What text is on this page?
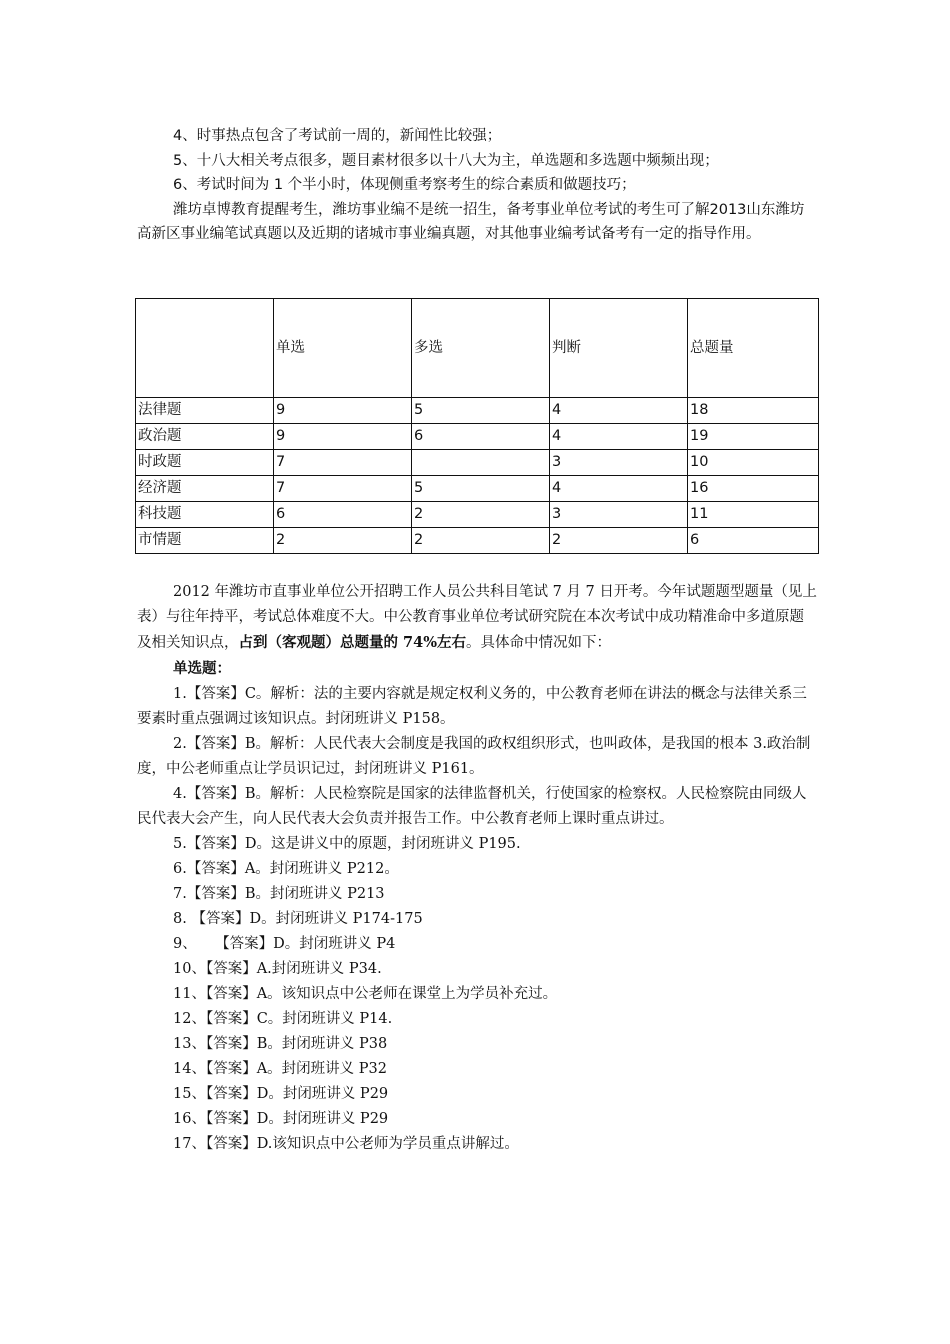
4、时事热点包含了考试前一周的，新闻性比较强；

5、十八大相关考点很多，题目素材很多以十八大为主，单选题和多选题中频频出现；

6、考试时间为 1 个半小时，体现侧重考察考生的综合素质和做题技巧；

潍坊卓博教育提醒考生，潍坊事业编不是统一招生，备考事业单位考试的考生可了解2013山东潍坊高新区事业编笔试真题以及近期的诸城市事业编真题，对其他事业编考试备考有一定的指导作用。

	单选	多选	判断	总题量
法律题	9	5	4	18
政治题	9	6	4	19
时政题	7		3	10
经济题	7	5	4	16
科技题	6	2	3	11
市情题	2	2	2	6

2012 年潍坊市直事业单位公开招聘工作人员公共科目笔试 7 月 7 日开考。今年试题题型题量（见上表）与往年持平，考试总体难度不大。中公教育事业单位考试研究院在本次考试中成功精准命中多道原题及相关知识点，占到（客观题）总题量的 74%左右。具体命中情况如下：

单选题：

1.【答案】C。解析：法的主要内容就是规定权利义务的，中公教育老师在讲法的概念与法律关系三要素时重点强调过该知识点。封闭班讲义 P158。

2.【答案】B。解析：人民代表大会制度是我国的政权组织形式，也叫政体，是我国的根本 3.政治制度，中公老师重点让学员识记过，封闭班讲义 P161。

4.【答案】B。解析：人民检察院是国家的法律监督机关，行使国家的检察权。人民检察院由同级人民代表大会产生，向人民代表大会负责并报告工作。中公教育老师上课时重点讲过。

5.【答案】D。这是讲义中的原题，封闭班讲义 P195.

6.【答案】A。封闭班讲义 P212。

7.【答案】B。封闭班讲义 P213

8. 【答案】D。封闭班讲义 P174-175

9、    【答案】D。封闭班讲义 P4

10、【答案】A.封闭班讲义 P34.

11、【答案】A。该知识点中公老师在课堂上为学员补充过。

12、【答案】C。封闭班讲义 P14.

13、【答案】B。封闭班讲义 P38

14、【答案】A。封闭班讲义 P32

15、【答案】D。封闭班讲义 P29

16、【答案】D。封闭班讲义 P29

17、【答案】D.该知识点中公老师为学员重点讲解过。
